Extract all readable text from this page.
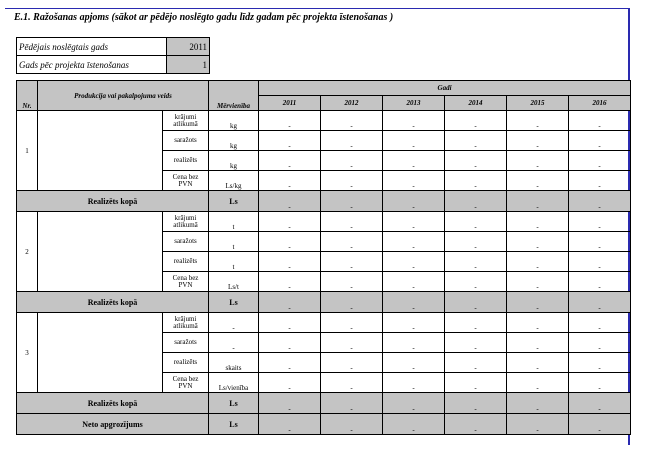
E.1. Ražošanas apjoms (sākot ar pēdējo noslēgto gadu līdz gadam pēc projekta īstenošanas )
Pēdējais noslēgtais gads	2011
Gads pēc projekta īstenošanas	1
Nr.	Produkcija vai pakalpojuma veids		Mērvienība	Gadi					
				2011	2012	2013	2014	2015	2016
1		krājumi atlikumā	kg	-	-	-	-	-	-
		saražots	kg	-	-	-	-	-	-
		realizēts	kg	-	-	-	-	-	-
		Cena bez PVN	Ls/kg	-	-	-	-	-	-
Realizēts kopā			Ls	-	-	-	-	-	-
2		krājumi atlikumā	t	-	-	-	-	-	-
		saražots	t	-	-	-	-	-	-
		realizēts	t	-	-	-	-	-	-
		Cena bez PVN	Ls/t	-	-	-	-	-	-
Realizēts kopā			Ls	-	-	-	-	-	-
3		krājumi atlikumā	-	-	-	-	-	-	-
		saražots	-	-	-	-	-	-	-
		realizēts	skaits	-	-	-	-	-	-
		Cena bez PVN	Ls/vienība	-	-	-	-	-	-
Realizēts kopā			Ls	-	-	-	-	-	-
Neto apgrozījums			Ls	-	-	-	-	-	-
